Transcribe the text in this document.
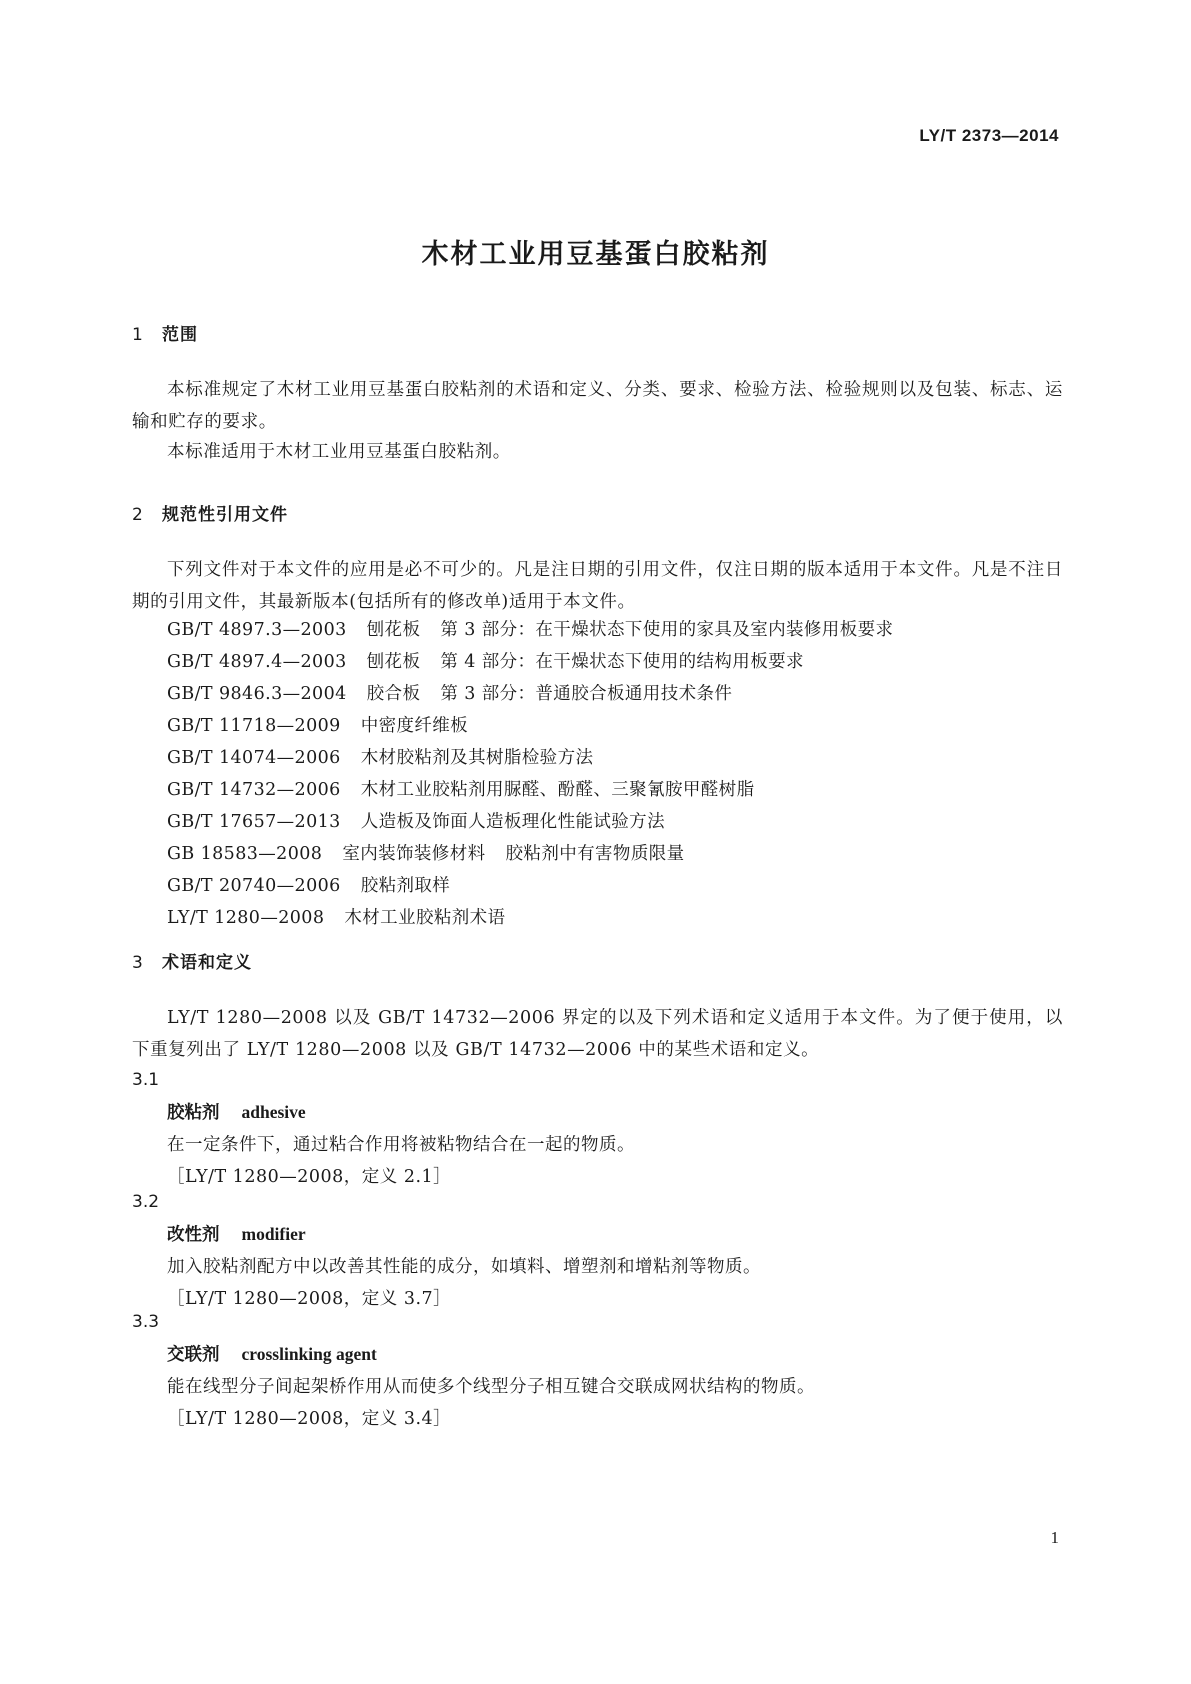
LY/T 2373—2014
木材工业用豆基蛋白胶粘剂
1 范围
本标准规定了木材工业用豆基蛋白胶粘剂的术语和定义、分类、要求、检验方法、检验规则以及包装、标志、运输和贮存的要求。
本标准适用于木材工业用豆基蛋白胶粘剂。
2 规范性引用文件
下列文件对于本文件的应用是必不可少的。凡是注日期的引用文件，仅注日期的版本适用于本文件。凡是不注日期的引用文件，其最新版本(包括所有的修改单)适用于本文件。
GB/T 4897.3—2003 刨花板 第 3 部分：在干燥状态下使用的家具及室内装修用板要求
GB/T 4897.4—2003 刨花板 第 4 部分：在干燥状态下使用的结构用板要求
GB/T 9846.3—2004 胶合板 第 3 部分：普通胶合板通用技术条件
GB/T 11718—2009 中密度纤维板
GB/T 14074—2006 木材胶粘剂及其树脂检验方法
GB/T 14732—2006 木材工业胶粘剂用脲醛、酚醛、三聚氰胺甲醛树脂
GB/T 17657—2013 人造板及饰面人造板理化性能试验方法
GB 18583—2008 室内装饰装修材料 胶粘剂中有害物质限量
GB/T 20740—2006 胶粘剂取样
LY/T 1280—2008 木材工业胶粘剂术语
3 术语和定义
LY/T 1280—2008 以及 GB/T 14732—2006 界定的以及下列术语和定义适用于本文件。为了便于使用，以下重复列出了 LY/T 1280—2008 以及 GB/T 14732—2006 中的某些术语和定义。
3.1
胶粘剂 adhesive
在一定条件下，通过粘合作用将被粘物结合在一起的物质。
［LY/T 1280—2008，定义 2.1］
3.2
改性剂 modifier
加入胶粘剂配方中以改善其性能的成分，如填料、增塑剂和增粘剂等物质。
［LY/T 1280—2008，定义 3.7］
3.3
交联剂 crosslinking agent
能在线型分子间起架桥作用从而使多个线型分子相互键合交联成网状结构的物质。
［LY/T 1280—2008，定义 3.4］
1
